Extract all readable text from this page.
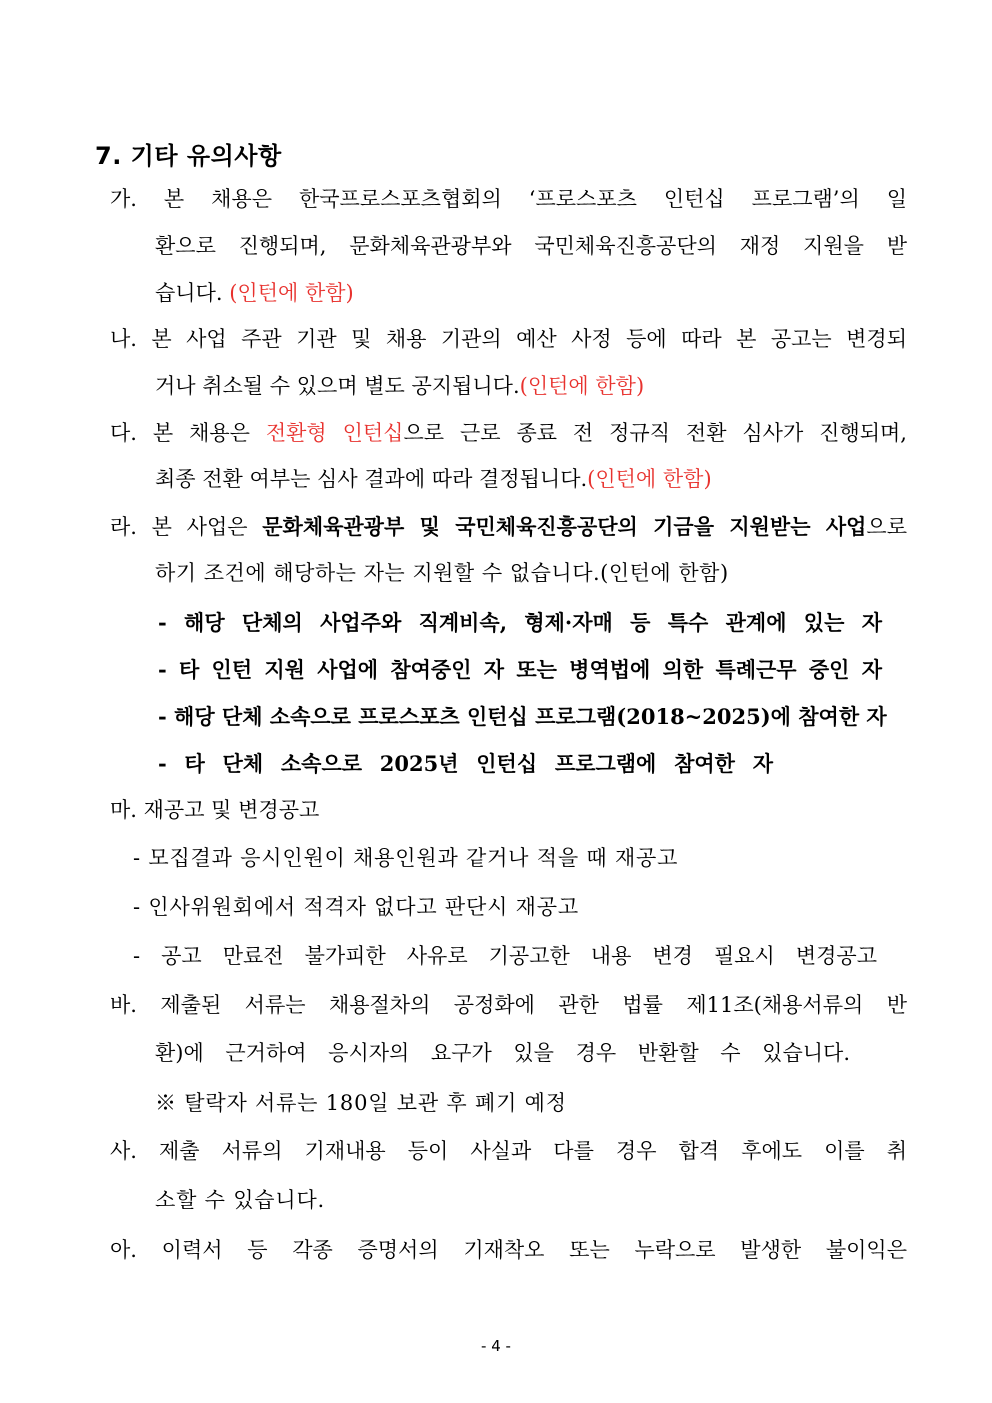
7. 기타 유의사항
가. 본 채용은 한국프로스포츠협회의 ‘프로스포츠 인턴십 프로그램’의 일
환으로 진행되며, 문화체육관광부와 국민체육진흥공단의 재정 지원을 받
습니다. (인턴에 한함)
나. 본 사업 주관 기관 및 채용 기관의 예산 사정 등에 따라 본 공고는 변경되
거나 취소될 수 있으며 별도 공지됩니다.(인턴에 한함)
다. 본 채용은 전환형 인턴십으로 근로 종료 전 정규직 전환 심사가 진행되며,
최종 전환 여부는 심사 결과에 따라 결정됩니다.(인턴에 한함)
라. 본 사업은 문화체육관광부 및 국민체육진흥공단의 기금을 지원받는 사업으로
하기 조건에 해당하는 자는 지원할 수 없습니다.(인턴에 한함)
- 해당 단체의 사업주와 직계비속, 형제·자매 등 특수 관계에 있는 자
- 타 인턴 지원 사업에 참여중인 자 또는 병역법에 의한 특례근무 중인 자
- 해당 단체 소속으로 프로스포츠 인턴십 프로그램(2018~2025)에 참여한 자
- 타 단체 소속으로 2025년 인턴십 프로그램에 참여한 자
마. 재공고 및 변경공고
- 모집결과 응시인원이 채용인원과 같거나 적을 때 재공고
- 인사위원회에서 적격자 없다고 판단시 재공고
- 공고 만료전 불가피한 사유로 기공고한 내용 변경 필요시 변경공고
바. 제출된 서류는 채용절차의 공정화에 관한 법률 제11조(채용서류의 반
환)에 근거하여 응시자의 요구가 있을 경우 반환할 수 있습니다.
※ 탈락자 서류는 180일 보관 후 폐기 예정
사. 제출 서류의 기재내용 등이 사실과 다를 경우 합격 후에도 이를 취
소할 수 있습니다.
아. 이력서 등 각종 증명서의 기재착오 또는 누락으로 발생한 불이익은
- 4 -
